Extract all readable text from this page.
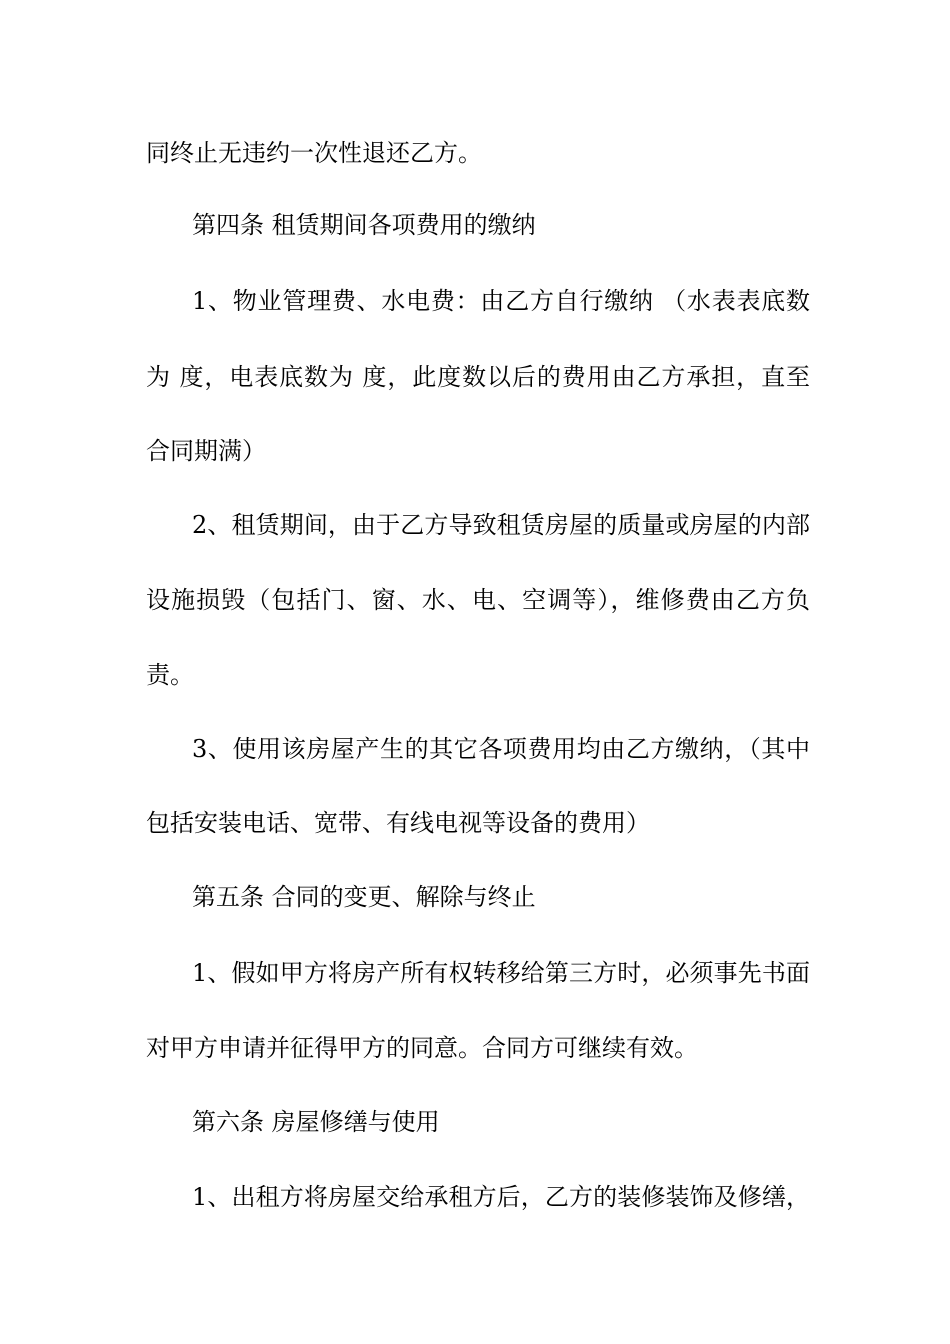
同终止无违约一次性退还乙方。
第四条 租赁期间各项费用的缴纳
1、物业管理费、水电费：由乙方自行缴纳 （水表表底数
为 度，电表底数为 度，此度数以后的费用由乙方承担，直至
合同期满）
2、租赁期间，由于乙方导致租赁房屋的质量或房屋的内部
设施损毁（包括门、窗、水、电、空调等），维修费由乙方负
责。
3、使用该房屋产生的其它各项费用均由乙方缴纳，（其中
包括安装电话、宽带、有线电视等设备的费用）
第五条 合同的变更、解除与终止
1、假如甲方将房产所有权转移给第三方时，必须事先书面
对甲方申请并征得甲方的同意。合同方可继续有效。
第六条 房屋修缮与使用
1、出租方将房屋交给承租方后，乙方的装修装饰及修缮，
